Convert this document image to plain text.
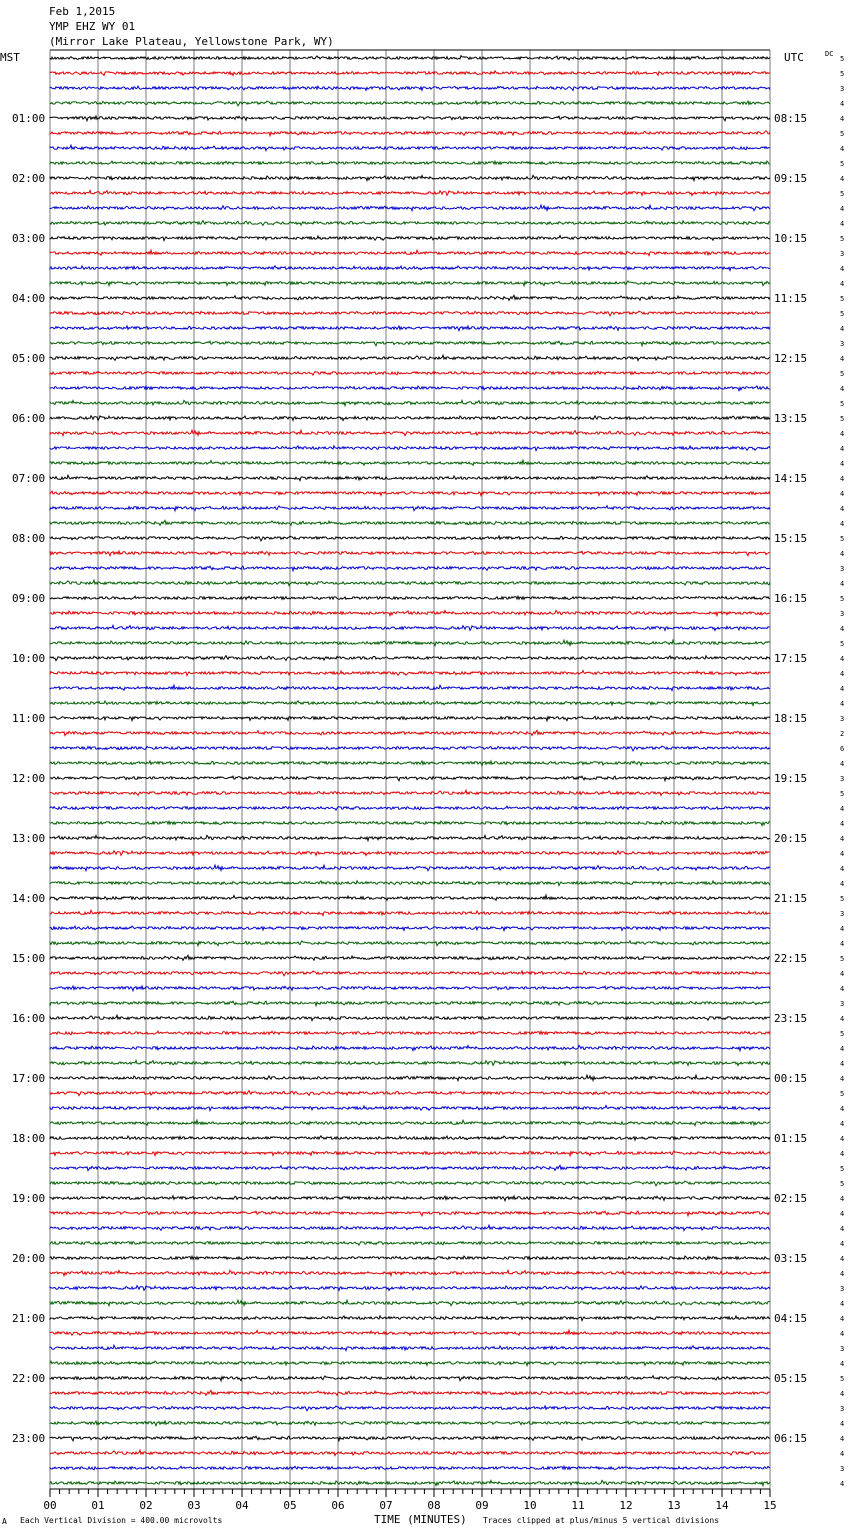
Feb 1,2015
YMP EHZ WY 01
(Mirror Lake Plateau, Yellowstone Park, WY)
MST	UTC	DC
01:00
02:00
03:00
04:00
05:00
06:00
07:00
08:00
09:00
10:00
11:00
12:00
13:00
14:00
15:00
16:00
17:00
18:00
19:00
20:00
21:00
22:00
23:00
08:15
09:15
10:15
11:15
12:15
13:15
14:15
15:15
16:15
17:15
18:15
19:15
20:15
21:15
22:15
23:15
00:15
01:15
02:15
03:15
04:15
05:15
06:15
5
5
3
4
4
5
4
5
4
5
4
4
5
3
4
4
5
5
4
3
4
5
4
5
5
4
4
4
4
4
4
4
5
4
3
4
5
3
4
5
4
4
4
4
3
2
6
4
3
5
4
4
4
4
4
4
5
3
4
4
5
4
4
3
4
5
4
4
4
5
4
4
4
4
5
5
4
4
4
4
4
4
3
4
4
4
3
4
5
4
3
4
4
4
3
4
00	01	02	03	04	05	06	07	08	09	10	11	12	13	14	15
A Each Vertical Division = 400.00 microvolts	TIME (MINUTES) Traces clipped at plus/minus 5 vertical divisions
